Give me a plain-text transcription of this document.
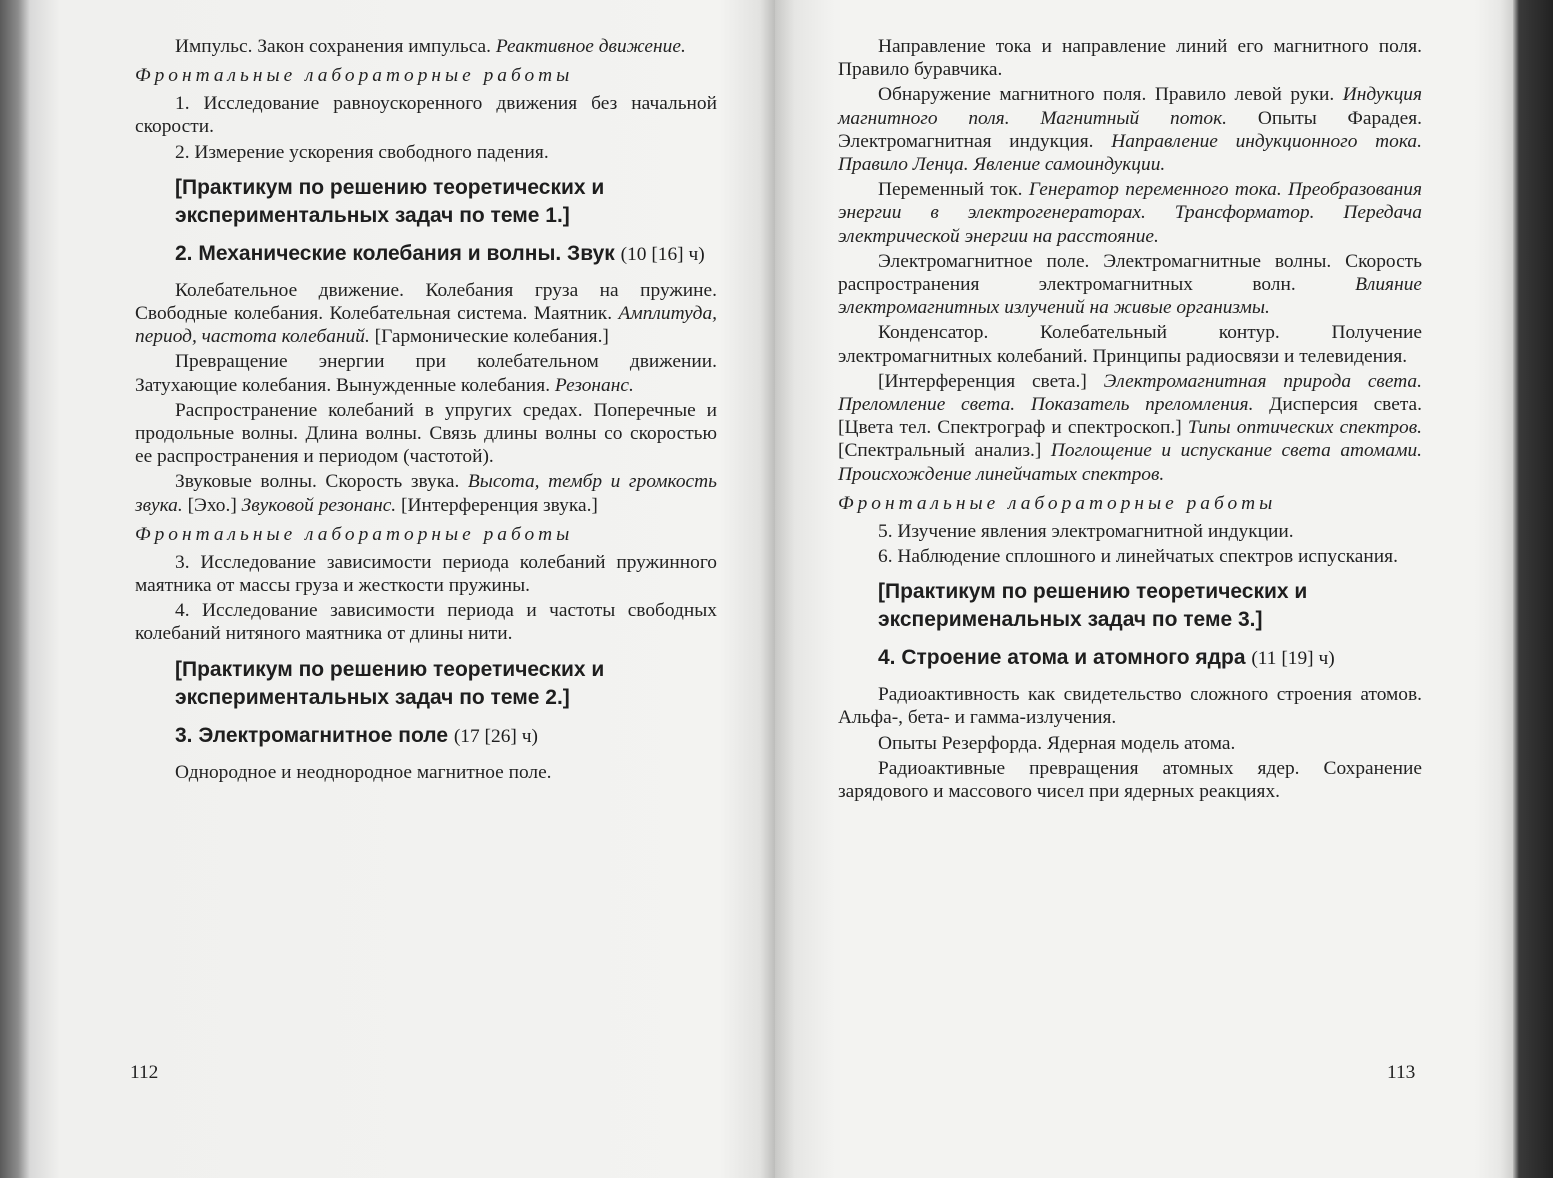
Импульс. Закон сохранения импульса. Реактивное движение.

Фронтальные лабораторные работы

1. Исследование равноускоренного движения без начальной скорости.

2. Измерение ускорения свободного падения.

[Практикум по решению теоретических и экспериментальных задач по теме 1.]
2. Механические колебания и волны. Звук (10 [16] ч)

Колебательное движение. Колебания груза на пружине. Свободные колебания. Колебательная система. Маятник. Амплитуда, период, частота колебаний. [Гармонические колебания.]

Превращение энергии при колебательном движении. Затухающие колебания. Вынужденные колебания. Резонанс.

Распространение колебаний в упругих средах. Поперечные и продольные волны. Длина волны. Связь длины волны со скоростью ее распространения и периодом (частотой).

Звуковые волны. Скорость звука. Высота, тембр и громкость звука. [Эхо.] Звуковой резонанс. [Интерференция звука.]

Фронтальные лабораторные работы

3. Исследование зависимости периода колебаний пружинного маятника от массы груза и жесткости пружины.

4. Исследование зависимости периода и частоты свободных колебаний нитяного маятника от длины нити.

[Практикум по решению теоретических и экспериментальных задач по теме 2.]
3. Электромагнитное поле (17 [26] ч)

Однородное и неоднородное магнитное поле.

112

Направление тока и направление линий его магнитного поля. Правило буравчика.

Обнаружение магнитного поля. Правило левой руки. Индукция магнитного поля. Магнитный поток. Опыты Фарадея. Электромагнитная индукция. Направление индукционного тока. Правило Ленца. Явление самоиндукции.

Переменный ток. Генератор переменного тока. Преобразования энергии в электрогенераторах. Трансформатор. Передача электрической энергии на расстояние.

Электромагнитное поле. Электромагнитные волны. Скорость распространения электромагнитных волн. Влияние электромагнитных излучений на живые организмы.

Конденсатор. Колебательный контур. Получение электромагнитных колебаний. Принципы радиосвязи и телевидения.

[Интерференция света.] Электромагнитная природа света. Преломление света. Показатель преломления. Дисперсия света. [Цвета тел. Спектрограф и спектроскоп.] Типы оптических спектров. [Спектральный анализ.] Поглощение и испускание света атомами. Происхождение линейчатых спектров.

Фронтальные лабораторные работы

5. Изучение явления электромагнитной индукции.

6. Наблюдение сплошного и линейчатых спектров испускания.

[Практикум по решению теоретических и эксперименальных задач по теме 3.]
4. Строение атома и атомного ядра (11 [19] ч)

Радиоактивность как свидетельство сложного строения атомов. Альфа-, бета- и гамма-излучения.

Опыты Резерфорда. Ядерная модель атома.

Радиоактивные превращения атомных ядер. Сохранение зарядового и массового чисел при ядерных реакциях.

113
